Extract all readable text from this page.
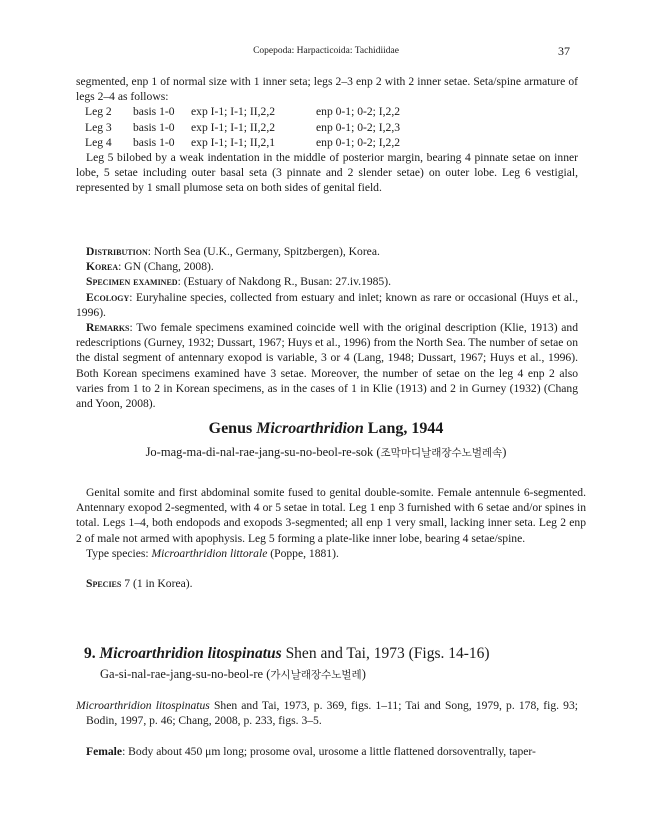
Copepoda: Harpacticoida: Tachidiidae	37

segmented, enp 1 of normal size with 1 inner seta; legs 2–3 enp 2 with 2 inner setae. Seta/spine armature of legs 2–4 as follows:

Leg 2	basis 1-0	exp I-1; I-1; II,2,2	enp 0-1; 0-2; I,2,2
Leg 3	basis 1-0	exp I-1; I-1; II,2,2	enp 0-1; 0-2; I,2,3
Leg 4	basis 1-0	exp I-1; I-1; II,2,1	enp 0-1; 0-2; I,2,2

Leg 5 bilobed by a weak indentation in the middle of posterior margin, bearing 4 pinnate setae on inner lobe, 5 setae including outer basal seta (3 pinnate and 2 slender setae) on outer lobe. Leg 6 vestigial, represented by 1 small plumose seta on both sides of genital field.

Distribution: North Sea (U.K., Germany, Spitzbergen), Korea.

Korea: GN (Chang, 2008).

Specimen examined: (Estuary of Nakdong R., Busan: 27.iv.1985).

Ecology: Euryhaline species, collected from estuary and inlet; known as rare or occasional (Huys et al., 1996).

Remarks: Two female specimens examined coincide well with the original description (Klie, 1913) and redescriptions (Gurney, 1932; Dussart, 1967; Huys et al., 1996) from the North Sea. The number of setae on the distal segment of antennary exopod is variable, 3 or 4 (Lang, 1948; Dussart, 1967; Huys et al., 1996). Both Korean specimens examined have 3 setae. Moreover, the number of setae on the leg 4 enp 2 also varies from 1 to 2 in Korean specimens, as in the cases of 1 in Klie (1913) and 2 in Gurney (1932) (Chang and Yoon, 2008).

Genus Microarthridion Lang, 1944
Jo-mag-ma-di-nal-rae-jang-su-no-beol-re-sok (조막마디날래장수노벌레속)

Genital somite and first abdominal somite fused to genital double-somite. Female antennule 6-segmented. Antennary exopod 2-segmented, with 4 or 5 setae in total. Leg 1 enp 3 furnished with 6 setae and/or spines in total. Legs 1–4, both endopods and exopods 3-segmented; all enp 1 very small, lacking inner seta. Leg 2 enp 2 of male not armed with apophysis. Leg 5 forming a plate-like inner lobe, bearing 4 setae/spine.

Type species: Microarthridion littorale (Poppe, 1881).

Species 7 (1 in Korea).

9. Microarthridion litospinatus Shen and Tai, 1973 (Figs. 14-16)
Ga-si-nal-rae-jang-su-no-beol-re (가시날래장수노벌레)

Microarthridion litospinatus Shen and Tai, 1973, p. 369, figs. 1–11; Tai and Song, 1979, p. 178, fig. 93; Bodin, 1997, p. 46; Chang, 2008, p. 233, figs. 3–5.

Female: Body about 450 μm long; prosome oval, urosome a little flattened dorsoventrally, taper-
